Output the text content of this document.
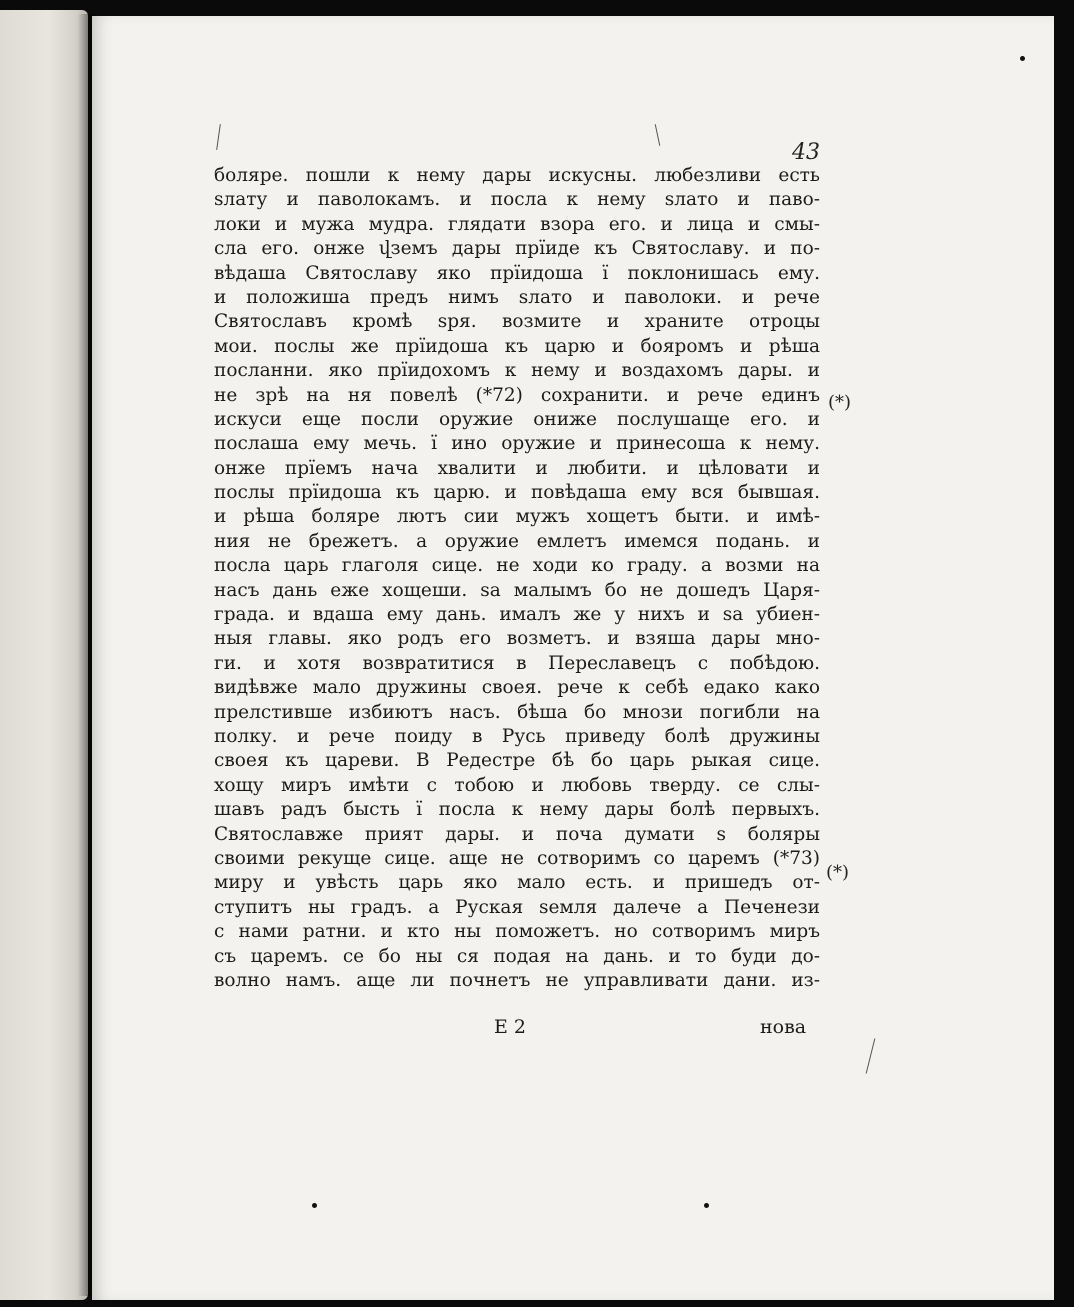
43
боляре. пошли к нему дары искусны. любезливи есть
ѕлату и паволокамъ. и посла к нему ѕлато и паво-
локи и мужа мудра. глядати взора его. и лица и смы-
сла его. онже վземъ дары прїиде къ Святославу. и по-
вѣдаша Святославу яко прїидоша ї поклонишась ему.
и положиша предъ нимъ ѕлато и паволоки. и рече
Святославъ кромѣ ѕря. возмите и храните отроцы
мои. послы же прїидоша къ царю и бояромъ и рѣша
посланни. яко прїидохомъ к нему и воздахомъ дары. и
не зрѣ на ня повелѣ (*72) сохранити. и рече единъ
искуси еще посли оружие ониже послушаще его. и
послаша ему мечь. ї ино оружие и принесоша к нему.
онже прїемъ нача хвалити и любити. и цѣловати и
послы прїидоша къ царю. и повѣдаша ему вся бывшая.
и рѣша боляре лютъ сии мужъ хощетъ быти. и имѣ-
ния не брежетъ. а оружие емлетъ имемся подань. и
посла царь глаголя сице. не ходи ко граду. а возми на
насъ дань еже хощеши. ѕа малымъ бо не дошедъ Царя-
града. и вдаша ему дань. ималъ же у нихъ и ѕа убиен-
ныя главы. яко родъ его возметъ. и взяша дары мно-
ги. и хотя возвратитися в Переславецъ с побѣдою.
видѣвже мало дружины своея. рече к себѣ едако како
прелстивше избиютъ насъ. бѣша бо мнози погибли на
полку. и рече поиду в Русь приведу болѣ дружины
своея къ цареви. В Редестре бѣ бо царь рыкая сице.
хощу миръ имѣти с тобою и любовь тверду. се слы-
шавъ радъ бысть ї посла к нему дары болѣ первыхъ.
Святославже прият дары. и поча думати ѕ боляры
своими рекуще сице. аще не сотворимъ со царемъ (*73)
миру и увѣсть царь яко мало есть. и пришедъ от-
ступитъ ны градъ. а Руская ѕемля далече а Печенези
с нами ратни. и кто ны поможетъ. но сотворимъ миръ
съ царемъ. се бо ны ся подая на дань. и то буди до-
волно намъ. аще ли почнетъ не управливати дани. из-
(*)
(*)
Е 2	нова
